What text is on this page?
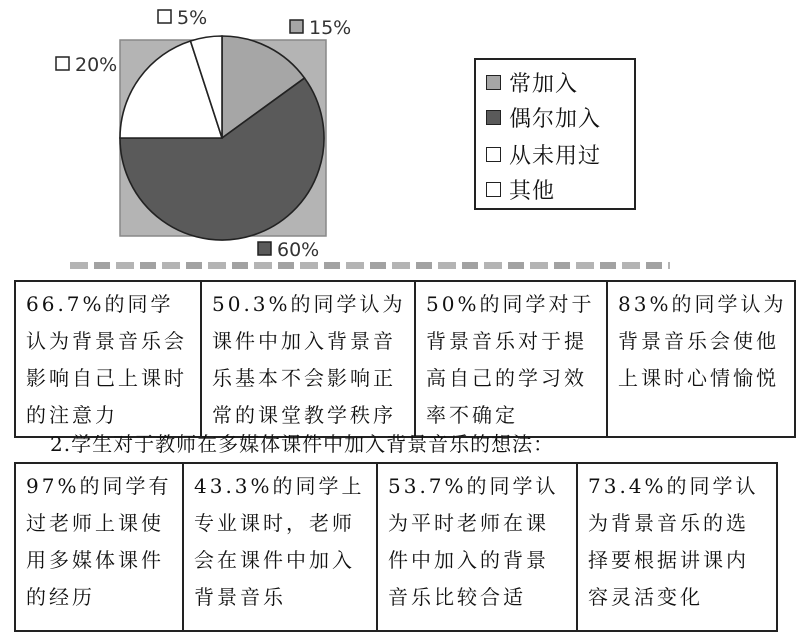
15%
60%
20%
5%
常加入
偶尔加入
从未用过
其他
66.7%的同学认为背景音乐会影响自己上课时的注意力	50.3%的同学认为课件中加入背景音乐基本不会影响正常的课堂教学秩序	50%的同学对于背景音乐对于提高自己的学习效率不确定	83%的同学认为背景音乐会使他上课时心情愉悦
2.学生对于教师在多媒体课件中加入背景音乐的想法：
97%的同学有过老师上课使用多媒体课件的经历	43.3%的同学上专业课时，老师会在课件中加入背景音乐	53.7%的同学认为平时老师在课件中加入的背景音乐比较合适	73.4%的同学认为背景音乐的选择要根据讲课内容灵活变化
